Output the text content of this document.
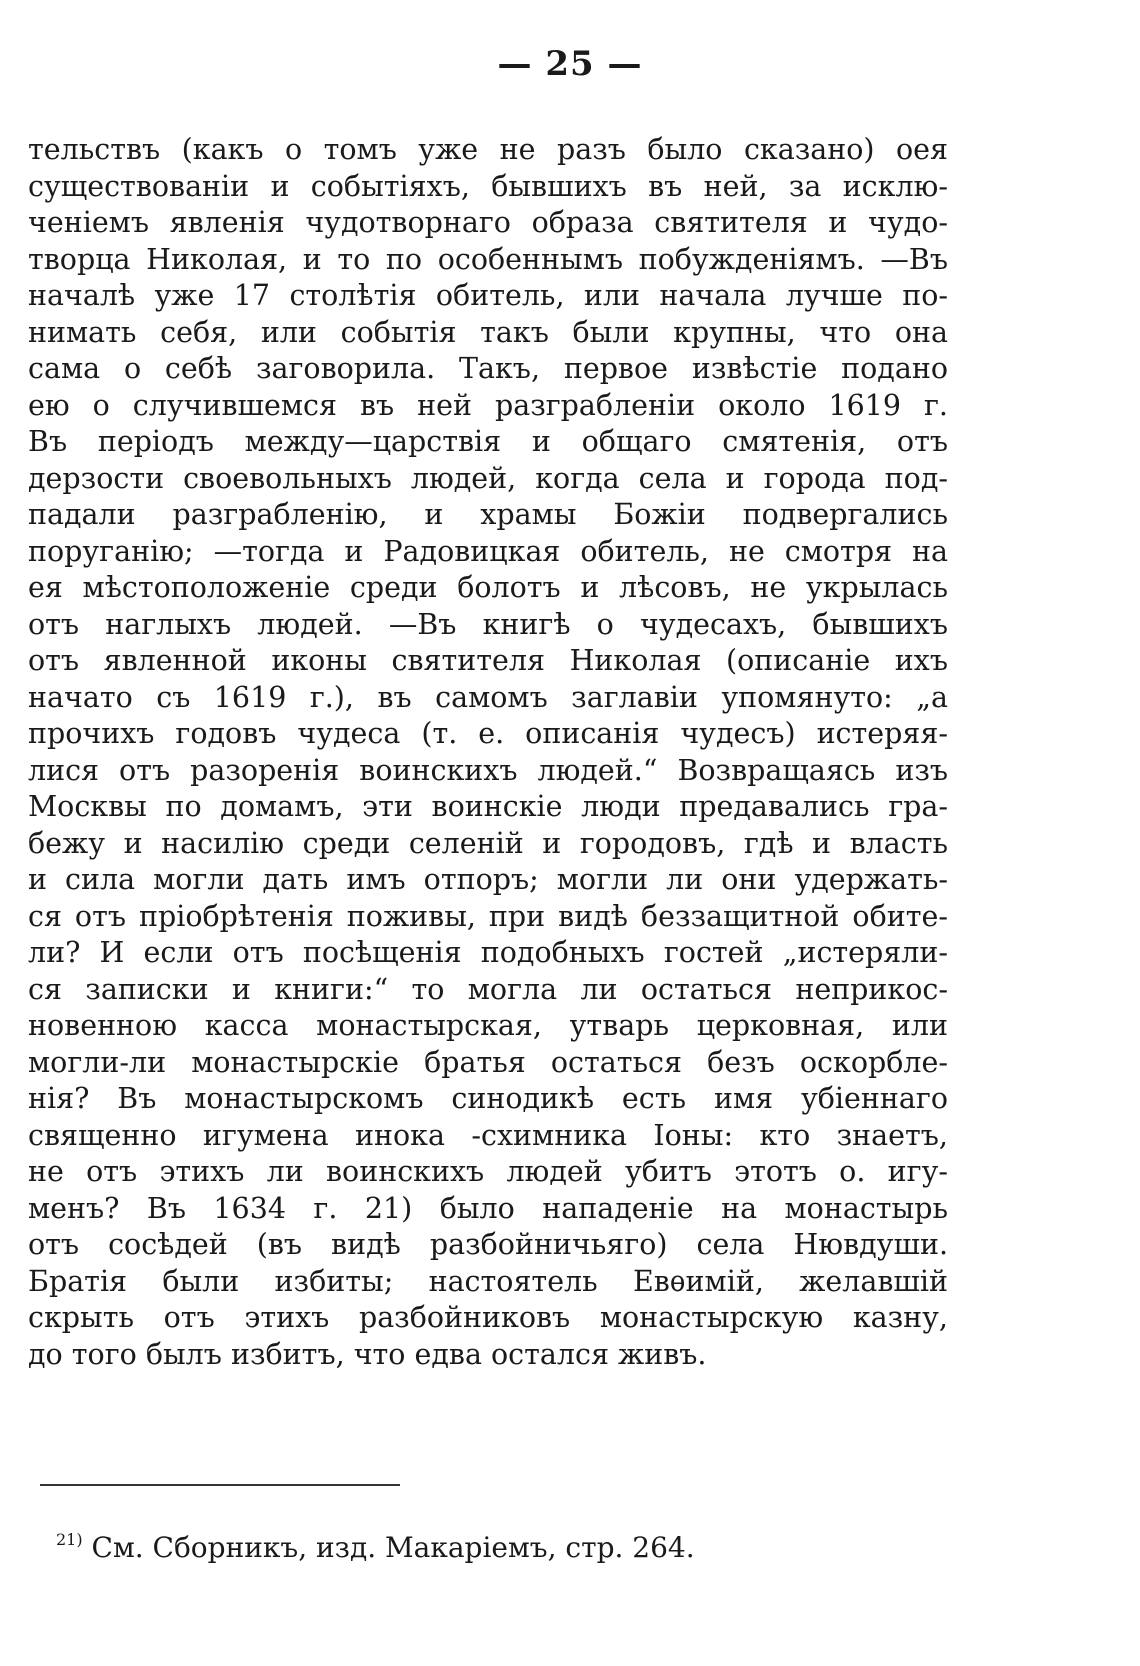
— 25 —
тельствъ (какъ о томъ уже не разъ было сказано) оея
существованіи и событіяхъ, бывшихъ въ ней, за исклю-
ченіемъ явленія чудотворнаго образа святителя и чудо-
творца Николая, и то по особеннымъ побужденіямъ. —Въ
началѣ уже 17 столѣтія обитель, или начала лучше по-
нимать себя, или событія такъ были крупны, что она
сама о себѣ заговорила. Такъ, первое извѣстіе подано
ею о случившемся въ ней разграбленіи около 1619 г.
Въ періодъ между—царствія и общаго смятенія, отъ
дерзости своевольныхъ людей, когда села и города под-
падали разграбленію, и храмы Божіи подвергались
поруганію; —тогда и Радовицкая обитель, не смотря на
ея мѣстоположеніе среди болотъ и лѣсовъ, не укрылась
отъ наглыхъ людей. —Въ книгѣ о чудесахъ, бывшихъ
отъ явленной иконы святителя Николая (описаніе ихъ
начато съ 1619 г.), въ самомъ заглавіи упомянуто: „а
прочихъ годовъ чудеса (т. е. описанія чудесъ) истеряя-
лися отъ разоренія воинскихъ людей.“ Возвращаясь изъ
Москвы по домамъ, эти воинскіе люди предавались гра-
бежу и насилію среди селеній и городовъ, гдѣ и власть
и сила могли дать имъ отпоръ; могли ли они удержать-
ся отъ пріобрѣтенія поживы, при видѣ беззащитной обите-
ли? И если отъ посѣщенія подобныхъ гостей „истеряли-
ся записки и книги:“ то могла ли остаться неприкос-
новенною касса монастырская, утварь церковная, или
могли-ли монастырскіе братья остаться безъ оскорбле-
нія? Въ монастырскомъ синодикѣ есть имя убіеннаго
священно игумена инока -схимника Іоны: кто знаетъ,
не отъ этихъ ли воинскихъ людей убитъ этотъ о. игу-
менъ? Въ 1634 г. 21) было нападеніе на монастырь
отъ сосѣдей (въ видѣ разбойничьяго) села Нювдуши.
Братія были избиты; настоятель Евѳимій, желавшій
скрыть отъ этихъ разбойниковъ монастырскую казну,
до того былъ избитъ, что едва остался живъ.
$^{21)}$ См. Сборникъ, изд. Макаріемъ, стр. 264.
